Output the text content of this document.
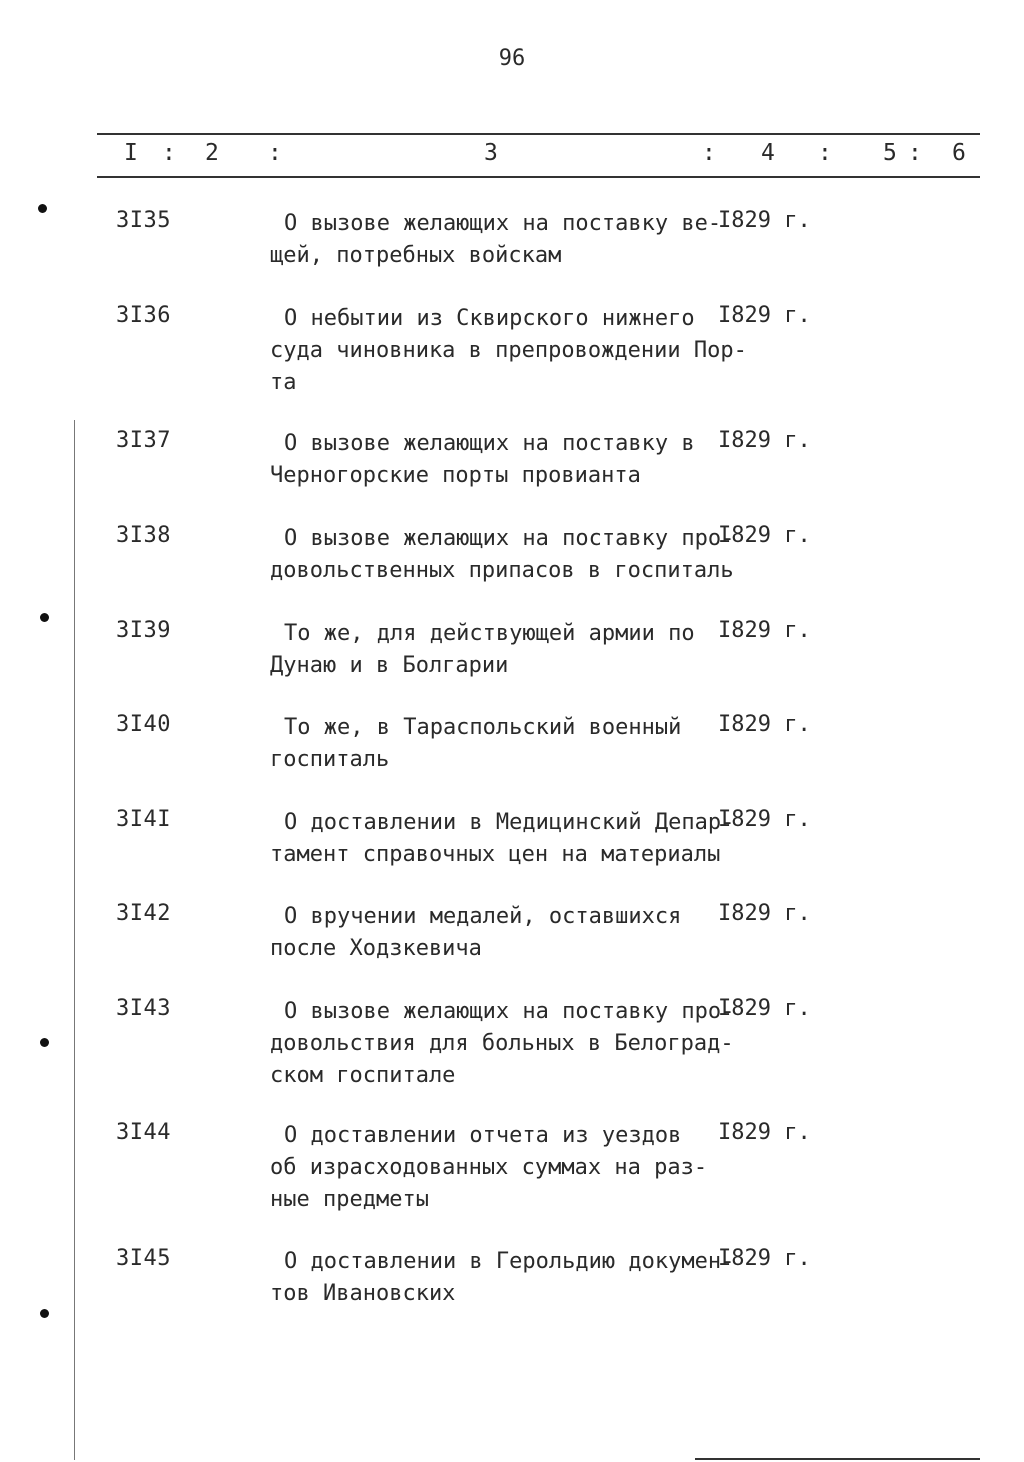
96
I : 2 :	3	: 4 : 5 : 6
3I35	О вызове желающих на поставку ве-
щей, потребных войскам
I829 г.
3I36	О небытии из Сквирского нижнего
суда чиновника в препровождении Пор-
та
I829 г.
3I37	О вызове желающих на поставку в
Черногорские порты провианта
I829 г.
3I38	О вызове желающих на поставку про-
довольственных припасов в госпиталь
I829 г.
3I39	То же, для действующей армии по
Дунаю и в Болгарии
I829 г.
3I40	То же, в Тараспольский военный
госпиталь
I829 г.
3I4I	О доставлении в Медицинский Депар-
тамент справочных цен на материалы
I829 г.
3I42	О вручении медалей, оставшихся
после Ходзкевича
I829 г.
3I43	О вызове желающих на поставку про-
довольствия для больных в Белоград-
ском госпитале
I829 г.
3I44	О доставлении отчета из уездов
об израсходованных суммах на раз-
ные предметы
I829 г.
3I45	О доставлении в Герольдию докумен-
тов Ивановских
I829 г.
